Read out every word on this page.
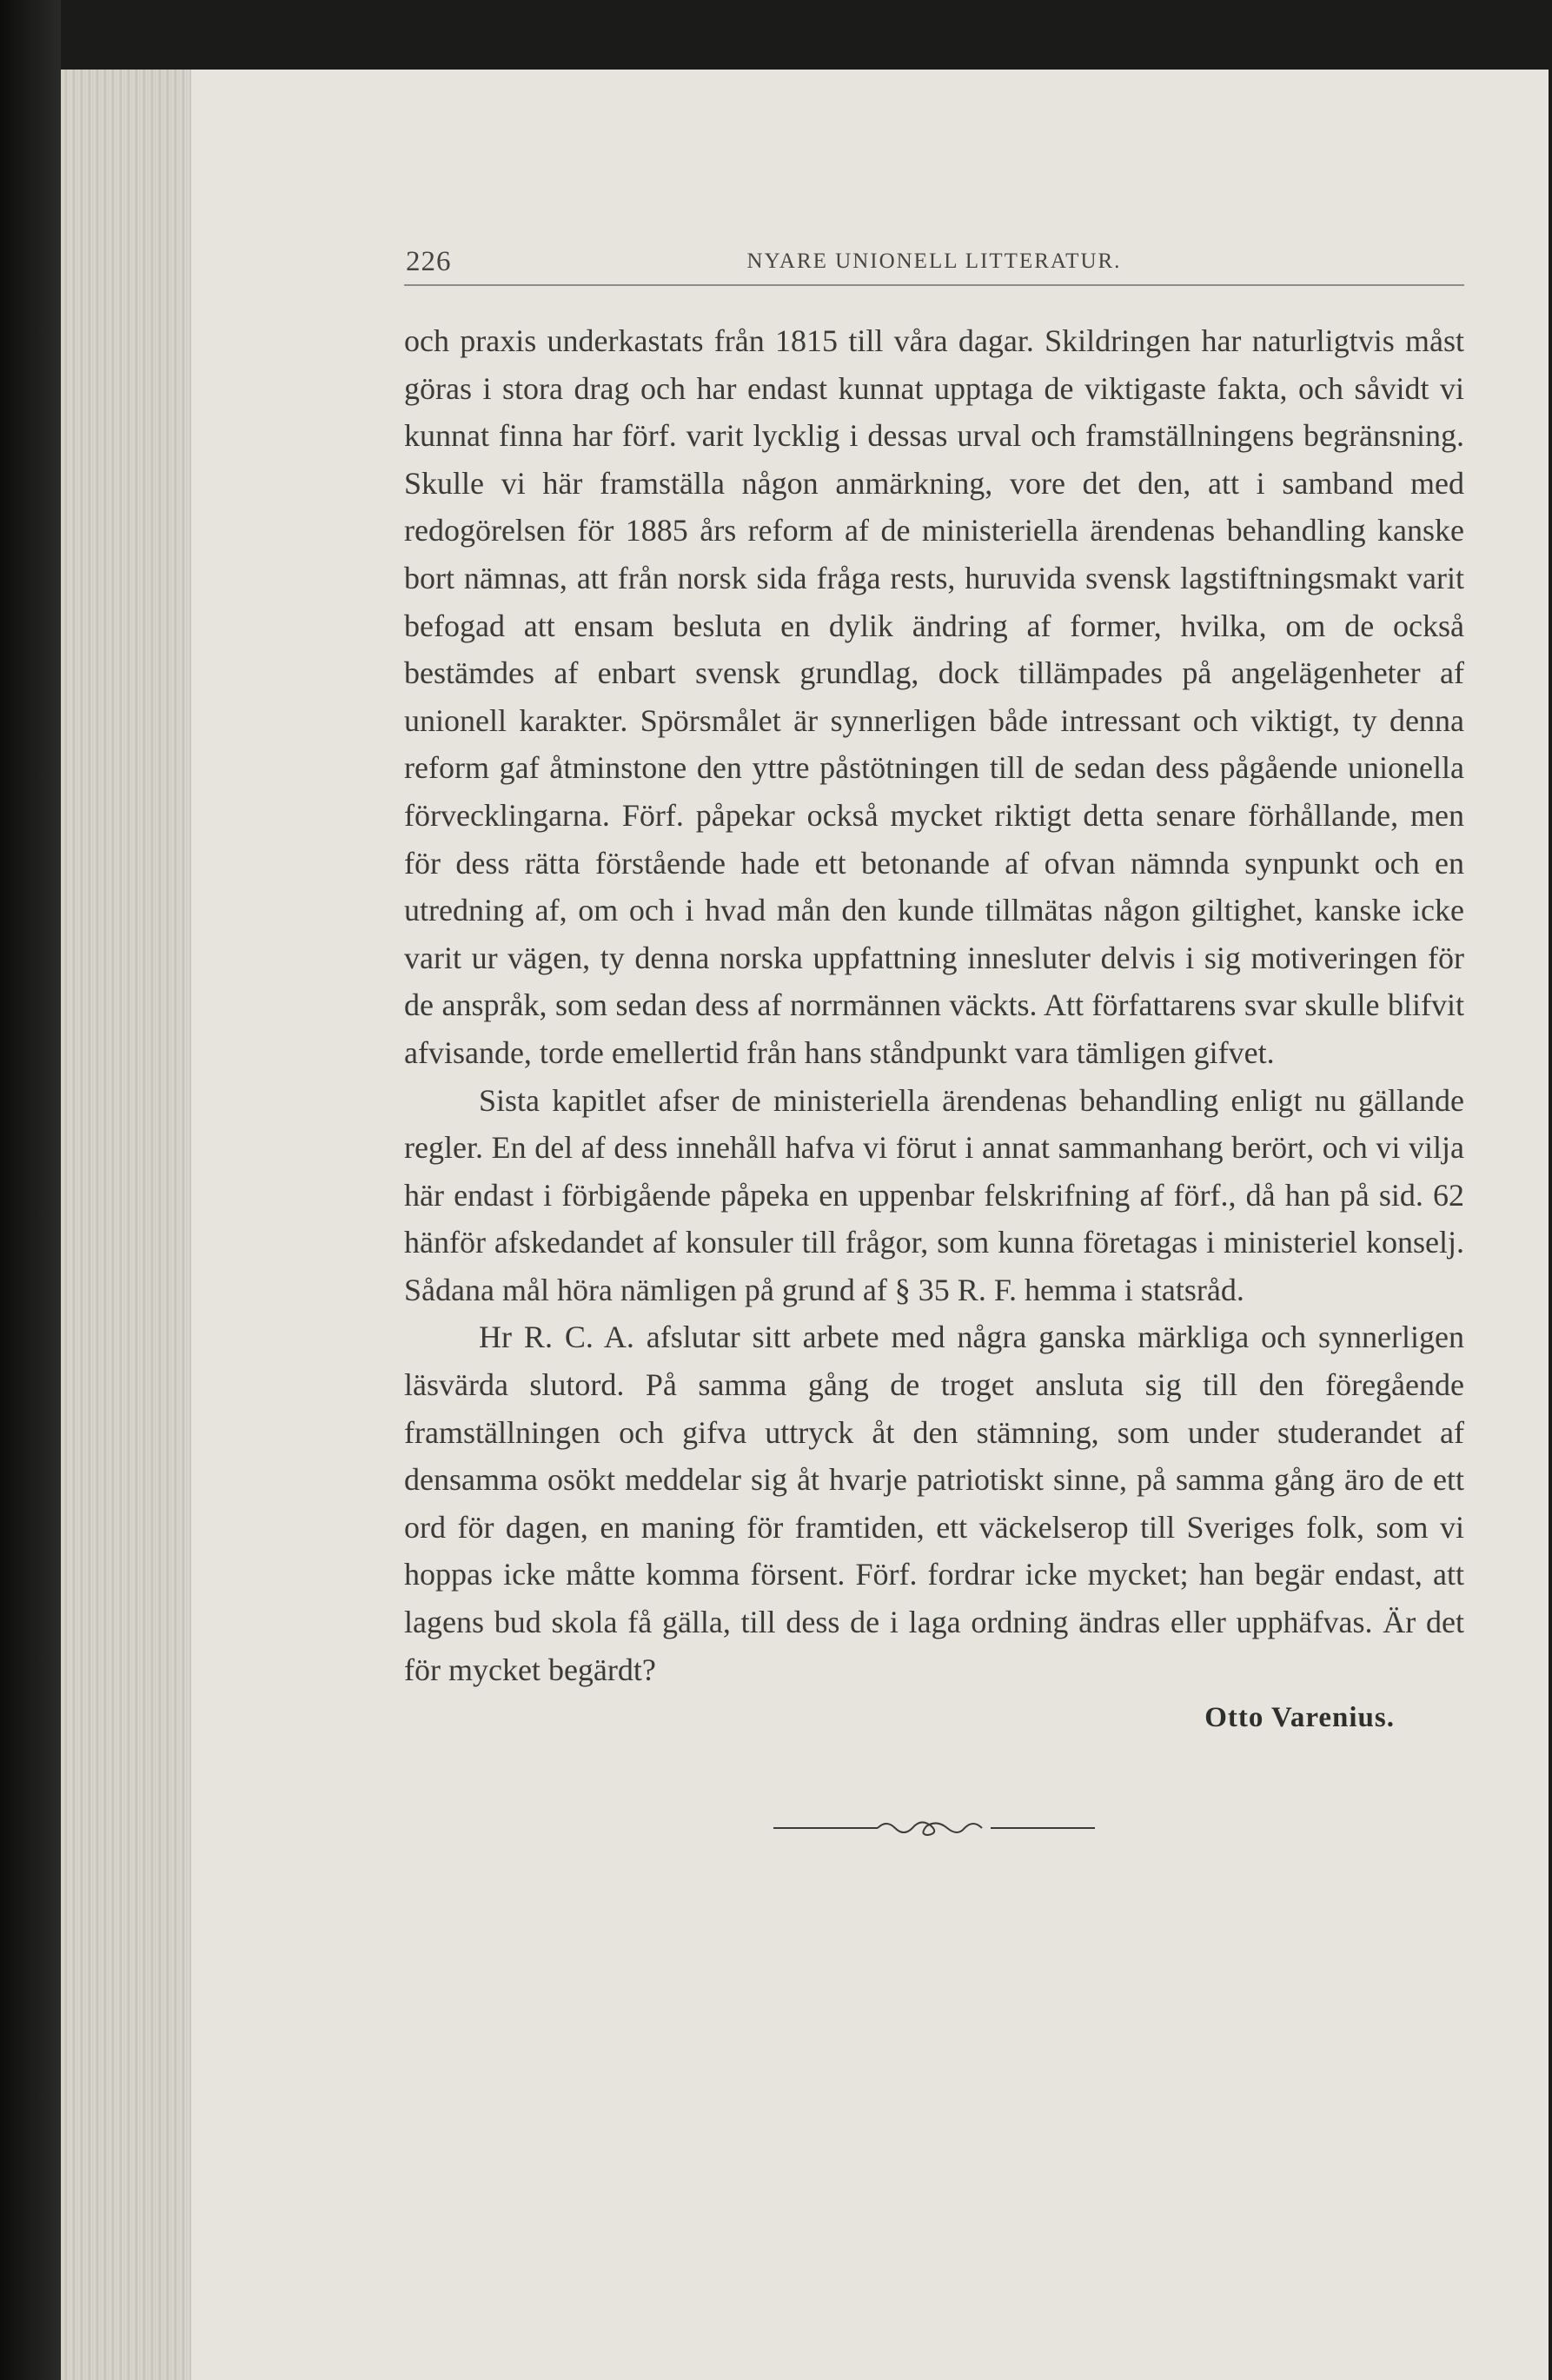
226	NYARE UNIONELL LITTERATUR.

och praxis underkastats från 1815 till våra dagar. Skildringen har naturligtvis måst göras i stora drag och har endast kunnat upptaga de viktigaste fakta, och såvidt vi kunnat finna har förf. varit lycklig i dessas urval och framställningens begränsning. Skulle vi här framställa någon anmärkning, vore det den, att i samband med redogörelsen för 1885 års reform af de ministeriella ärendenas behandling kanske bort nämnas, att från norsk sida fråga rests, huruvida svensk lagstiftningsmakt varit befogad att ensam besluta en dylik ändring af former, hvilka, om de också bestämdes af enbart svensk grundlag, dock tillämpades på angelägenheter af unionell karakter. Spörsmålet är synnerligen både intressant och viktigt, ty denna reform gaf åtminstone den yttre påstötningen till de sedan dess pågående unionella förvecklingarna. Förf. påpekar också mycket riktigt detta senare förhållande, men för dess rätta förstående hade ett betonande af ofvan nämnda synpunkt och en utredning af, om och i hvad mån den kunde tillmätas någon giltighet, kanske icke varit ur vägen, ty denna norska uppfattning innesluter delvis i sig motiveringen för de anspråk, som sedan dess af norrmännen väckts. Att författarens svar skulle blifvit afvisande, torde emellertid från hans ståndpunkt vara tämligen gifvet.

Sista kapitlet afser de ministeriella ärendenas behandling enligt nu gällande regler. En del af dess innehåll hafva vi förut i annat sammanhang berört, och vi vilja här endast i förbigående påpeka en uppenbar felskrifning af förf., då han på sid. 62 hänför afskedandet af konsuler till frågor, som kunna företagas i ministeriel konselj. Sådana mål höra nämligen på grund af § 35 R. F. hemma i statsråd.

Hr R. C. A. afslutar sitt arbete med några ganska märkliga och synnerligen läsvärda slutord. På samma gång de troget ansluta sig till den föregående framställningen och gifva uttryck åt den stämning, som under studerandet af densamma osökt meddelar sig åt hvarje patriotiskt sinne, på samma gång äro de ett ord för dagen, en maning för framtiden, ett väckelserop till Sveriges folk, som vi hoppas icke måtte komma försent. Förf. fordrar icke mycket; han begär endast, att lagens bud skola få gälla, till dess de i laga ordning ändras eller upphäfvas. Är det för mycket begärdt?

Otto Varenius.
